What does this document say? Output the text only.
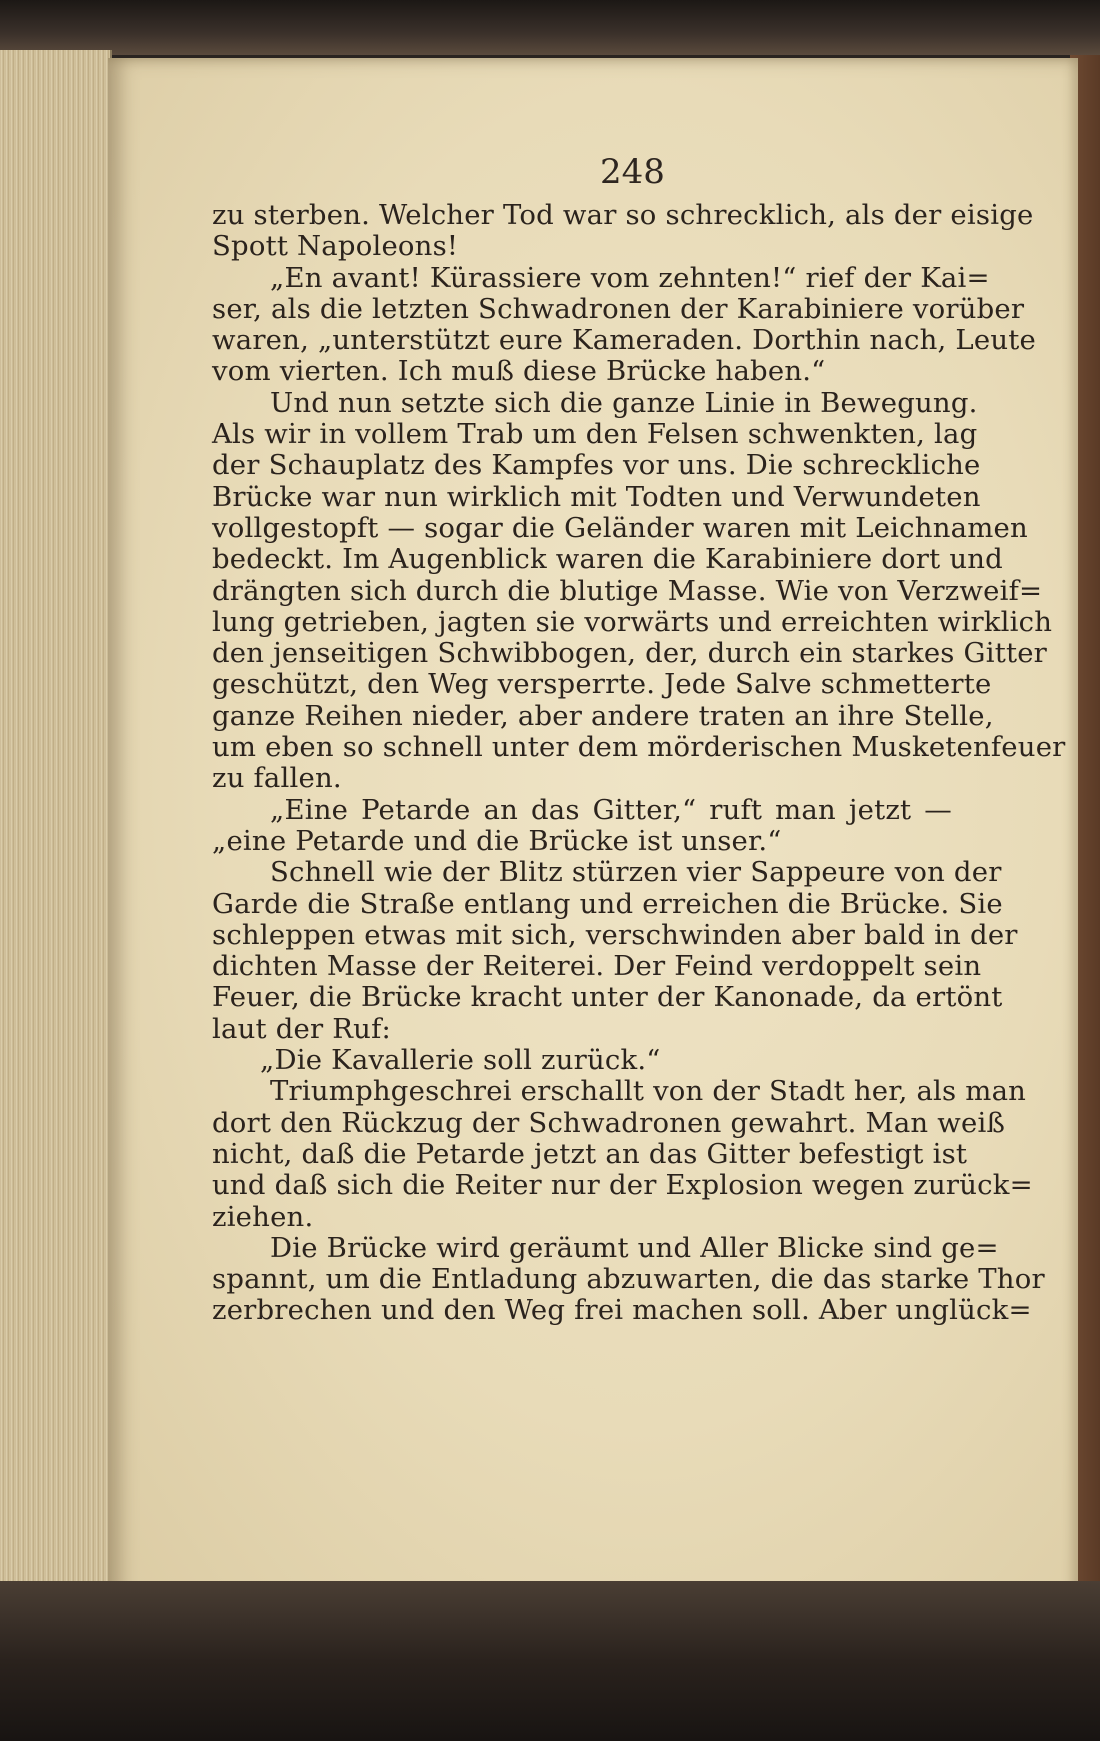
248
zu sterben. Welcher Tod war so schrecklich, als der eisige
Spott Napoleons!
„En avant! Kürassiere vom zehnten!“ rief der Kai=
ser, als die letzten Schwadronen der Karabiniere vorüber
waren, „unterstützt eure Kameraden. Dorthin nach, Leute
vom vierten. Ich muß diese Brücke haben.“
Und nun setzte sich die ganze Linie in Bewegung.
Als wir in vollem Trab um den Felsen schwenkten, lag
der Schauplatz des Kampfes vor uns. Die schreckliche
Brücke war nun wirklich mit Todten und Verwundeten
vollgestopft — sogar die Geländer waren mit Leichnamen
bedeckt. Im Augenblick waren die Karabiniere dort und
drängten sich durch die blutige Masse. Wie von Verzweif=
lung getrieben, jagten sie vorwärts und erreichten wirklich
den jenseitigen Schwibbogen, der, durch ein starkes Gitter
geschützt, den Weg versperrte. Jede Salve schmetterte
ganze Reihen nieder, aber andere traten an ihre Stelle,
um eben so schnell unter dem mörderischen Musketenfeuer
zu fallen.
„Eine Petarde an das Gitter,“ ruft man jetzt —
„eine Petarde und die Brücke ist unser.“
Schnell wie der Blitz stürzen vier Sappeure von der
Garde die Straße entlang und erreichen die Brücke. Sie
schleppen etwas mit sich, verschwinden aber bald in der
dichten Masse der Reiterei. Der Feind verdoppelt sein
Feuer, die Brücke kracht unter der Kanonade, da ertönt
laut der Ruf:
„Die Kavallerie soll zurück.“
Triumphgeschrei erschallt von der Stadt her, als man
dort den Rückzug der Schwadronen gewahrt. Man weiß
nicht, daß die Petarde jetzt an das Gitter befestigt ist
und daß sich die Reiter nur der Explosion wegen zurück=
ziehen.
Die Brücke wird geräumt und Aller Blicke sind ge=
spannt, um die Entladung abzuwarten, die das starke Thor
zerbrechen und den Weg frei machen soll. Aber unglück=
